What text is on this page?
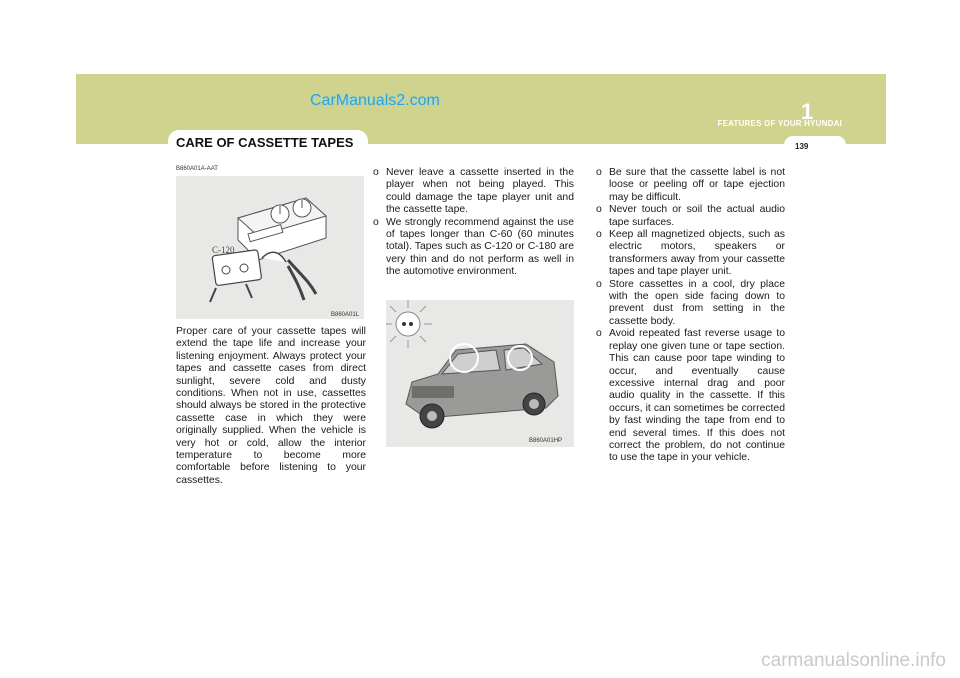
CarManuals2.com
FEATURES OF YOUR HYUNDAI
1
139
CARE OF CASSETTE TAPES
B860A01A-AAT
C-120
B860A01L
Proper care of your cassette tapes will extend the tape life and increase your listening enjoyment. Always protect your tapes and cassette cases from direct sunlight, severe cold and dusty conditions. When not in use, cassettes should always be stored in the protective cassette case in which they were originally supplied. When the vehicle is very hot or cold, allow the interior temperature to become more comfortable before listening to your cassettes.
o Never leave a cassette inserted in the player when not being played. This could damage the tape player unit and the cassette tape.
o We strongly recommend against the use of tapes longer than C-60 (60 minutes total). Tapes such as C-120 or C-180 are very thin and do not perform as well in the automotive environment.
B860A01HP
o Be sure that the cassette label is not loose or peeling off or tape ejection may be difficult.
o Never touch or soil the actual audio tape surfaces.
o Keep all magnetized objects, such as electric motors, speakers or transformers away from your cassette tapes and tape player unit.
o Store cassettes in a cool, dry place with the open side facing down to prevent dust from setting in the cassette body.
o Avoid repeated fast reverse usage to replay one given tune or tape section. This can cause poor tape winding to occur, and eventually cause excessive internal drag and poor audio quality in the cassette. If this occurs, it can sometimes be corrected by fast winding the tape from end to end several times. If this does not correct the problem, do not continue to use the tape in your vehicle.
carmanualsonline.info
